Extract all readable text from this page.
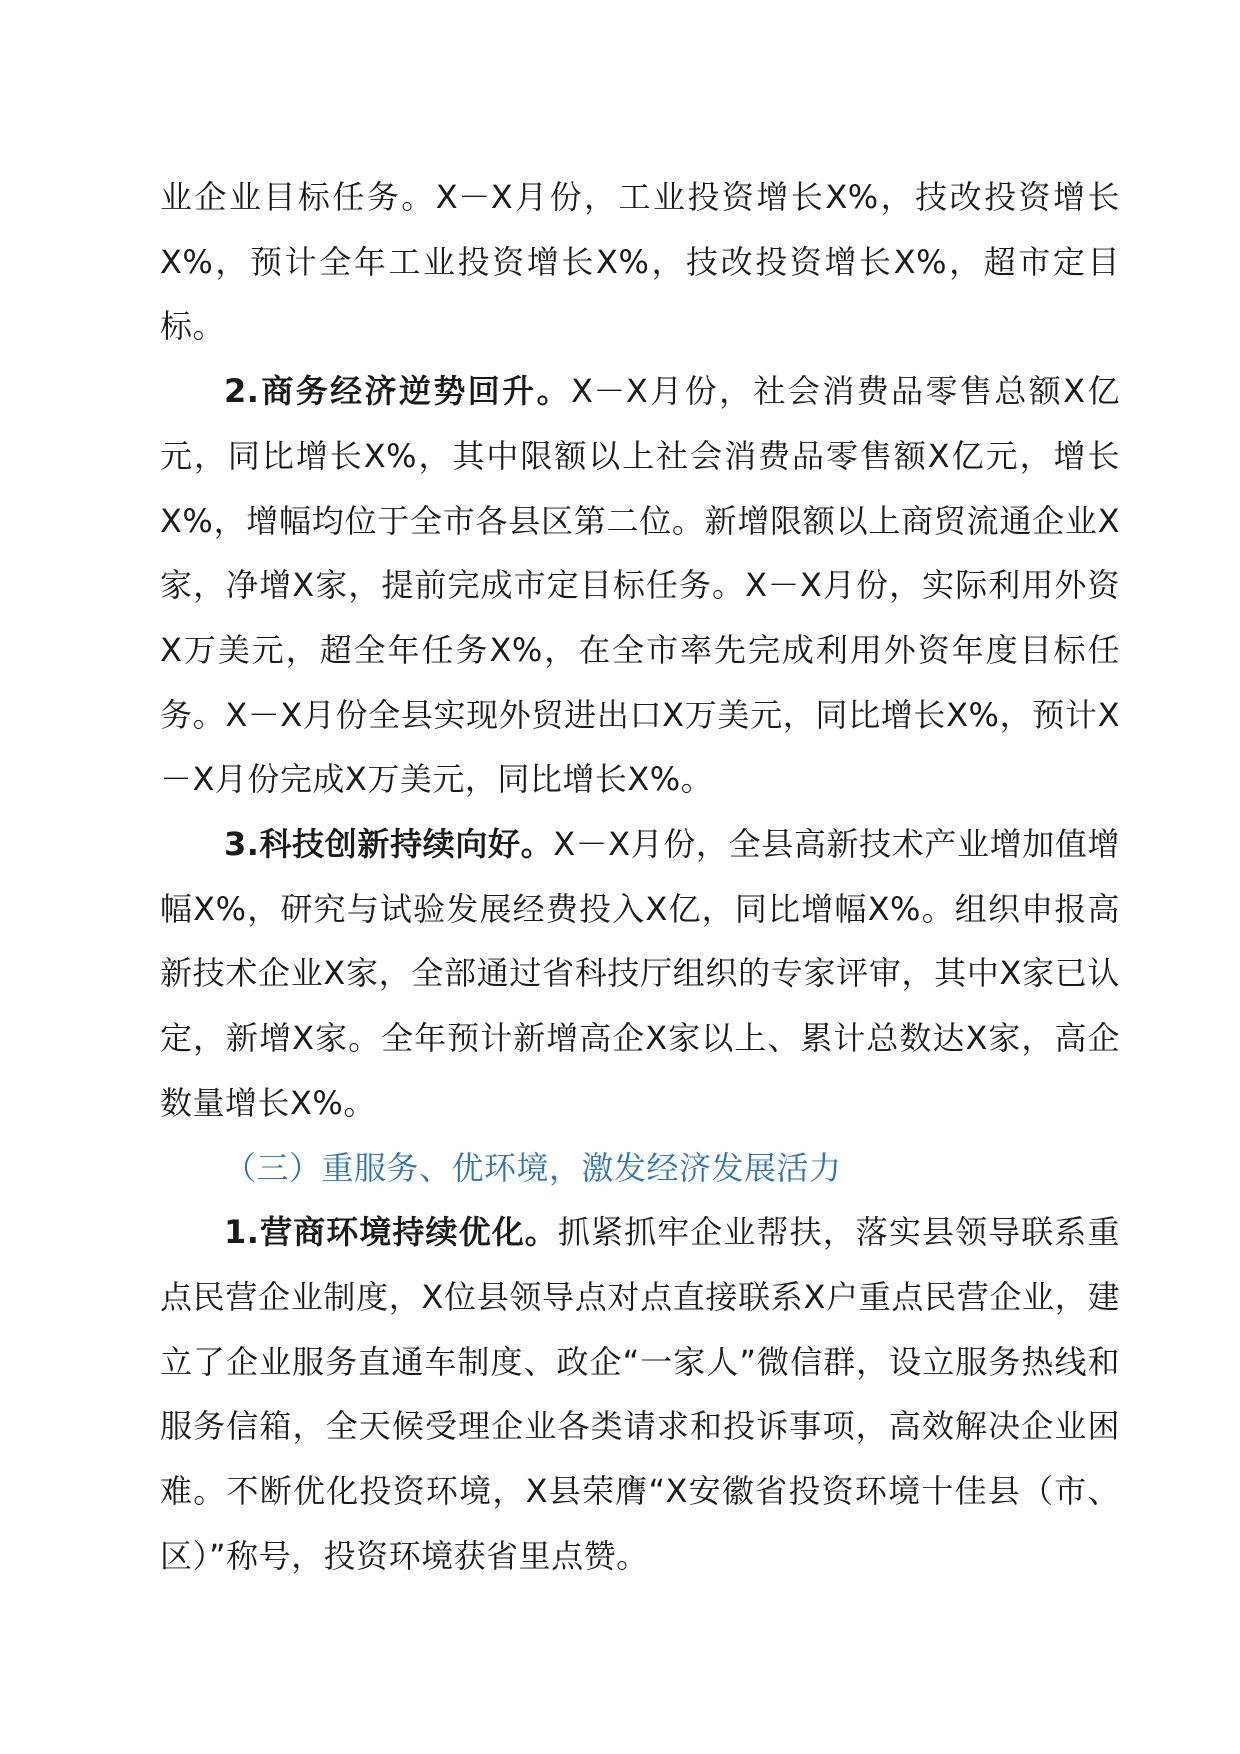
业企业目标任务。X－X月份，工业投资增长X%，技改投资增长X%，预计全年工业投资增长X%，技改投资增长X%，超市定目标。

2.商务经济逆势回升。X－X月份，社会消费品零售总额X亿元，同比增长X%，其中限额以上社会消费品零售额X亿元，增长X%，增幅均位于全市各县区第二位。新增限额以上商贸流通企业X家，净增X家，提前完成市定目标任务。X－X月份，实际利用外资X万美元，超全年任务X%，在全市率先完成利用外资年度目标任务。X－X月份全县实现外贸进出口X万美元，同比增长X%，预计X－X月份完成X万美元，同比增长X%。

3.科技创新持续向好。X－X月份，全县高新技术产业增加值增幅X%，研究与试验发展经费投入X亿，同比增幅X%。组织申报高新技术企业X家，全部通过省科技厅组织的专家评审，其中X家已认定，新增X家。全年预计新增高企X家以上、累计总数达X家，高企数量增长X%。

（三）重服务、优环境，激发经济发展活力

1.营商环境持续优化。抓紧抓牢企业帮扶，落实县领导联系重点民营企业制度，X位县领导点对点直接联系X户重点民营企业，建立了企业服务直通车制度、政企“一家人”微信群，设立服务热线和服务信箱，全天候受理企业各类请求和投诉事项，高效解决企业困难。不断优化投资环境，X县荣膺“X安徽省投资环境十佳县（市、区）”称号，投资环境获省里点赞。
